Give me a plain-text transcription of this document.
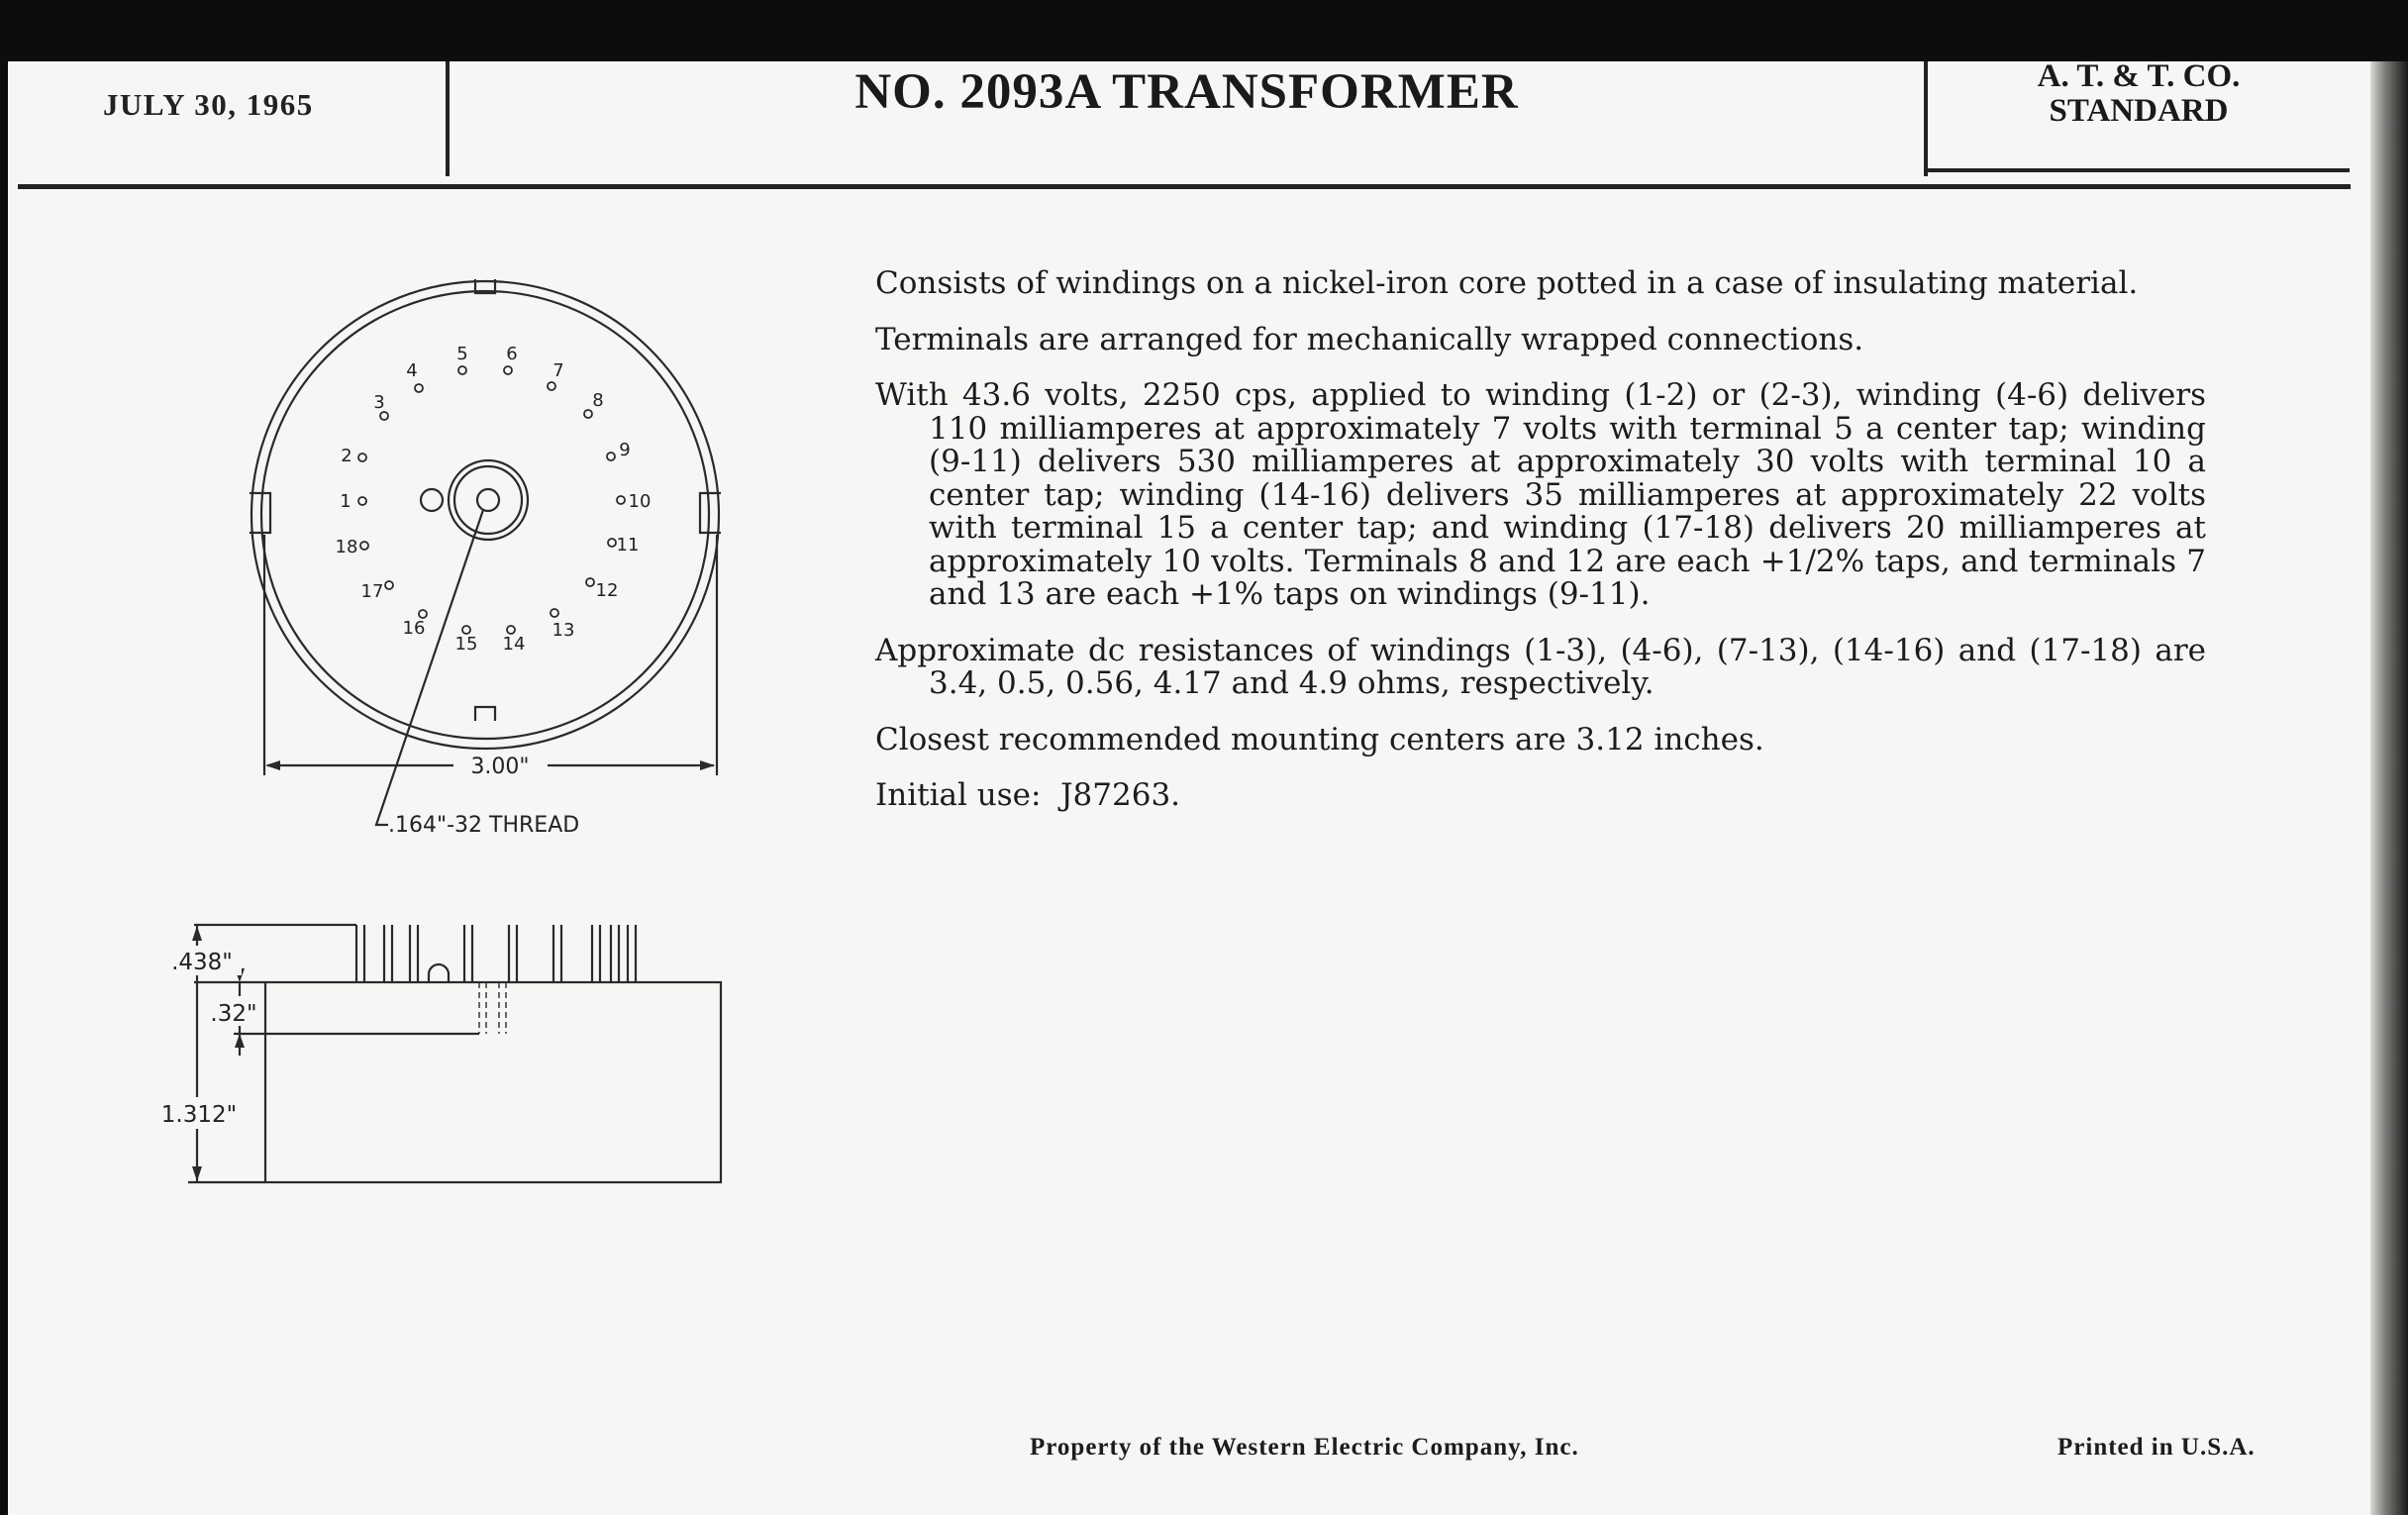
JULY 30, 1965	NO. 2093A TRANSFORMER	A. T. & T. CO.
STANDARD
1
2
3
4
5 6
7
8
9
10
11
12
13
14
15
16
17
18
3.00"
.164"-32 THREAD
.438"
.32"
1.312"

Consists of windings on a nickel-iron core potted in a case of insulating material.

Terminals are arranged for mechanically wrapped connections.

With 43.6 volts, 2250 cps, applied to winding (1-2) or (2-3), winding (4-6) delivers 110 milliamperes at approximately 7 volts with terminal 5 a center tap; winding (9-11) delivers 530 milliamperes at approximately 30 volts with terminal 10 a center tap; winding (14-16) delivers 35 milliamperes at approximately 22 volts with terminal 15 a center tap; and winding (17-18) delivers 20 milliamperes at approximately 10 volts. Terminals 8 and 12 are each +1/2% taps, and terminals 7 and 13 are each +1% taps on windings (9-11).

Approximate dc resistances of windings (1-3), (4-6), (7-13), (14-16) and (17-18) are 3.4, 0.5, 0.56, 4.17 and 4.9 ohms, respectively.

Closest recommended mounting centers are 3.12 inches.

Initial use:  J87263.

Property of the Western Electric Company, Inc.	Printed in U.S.A.
